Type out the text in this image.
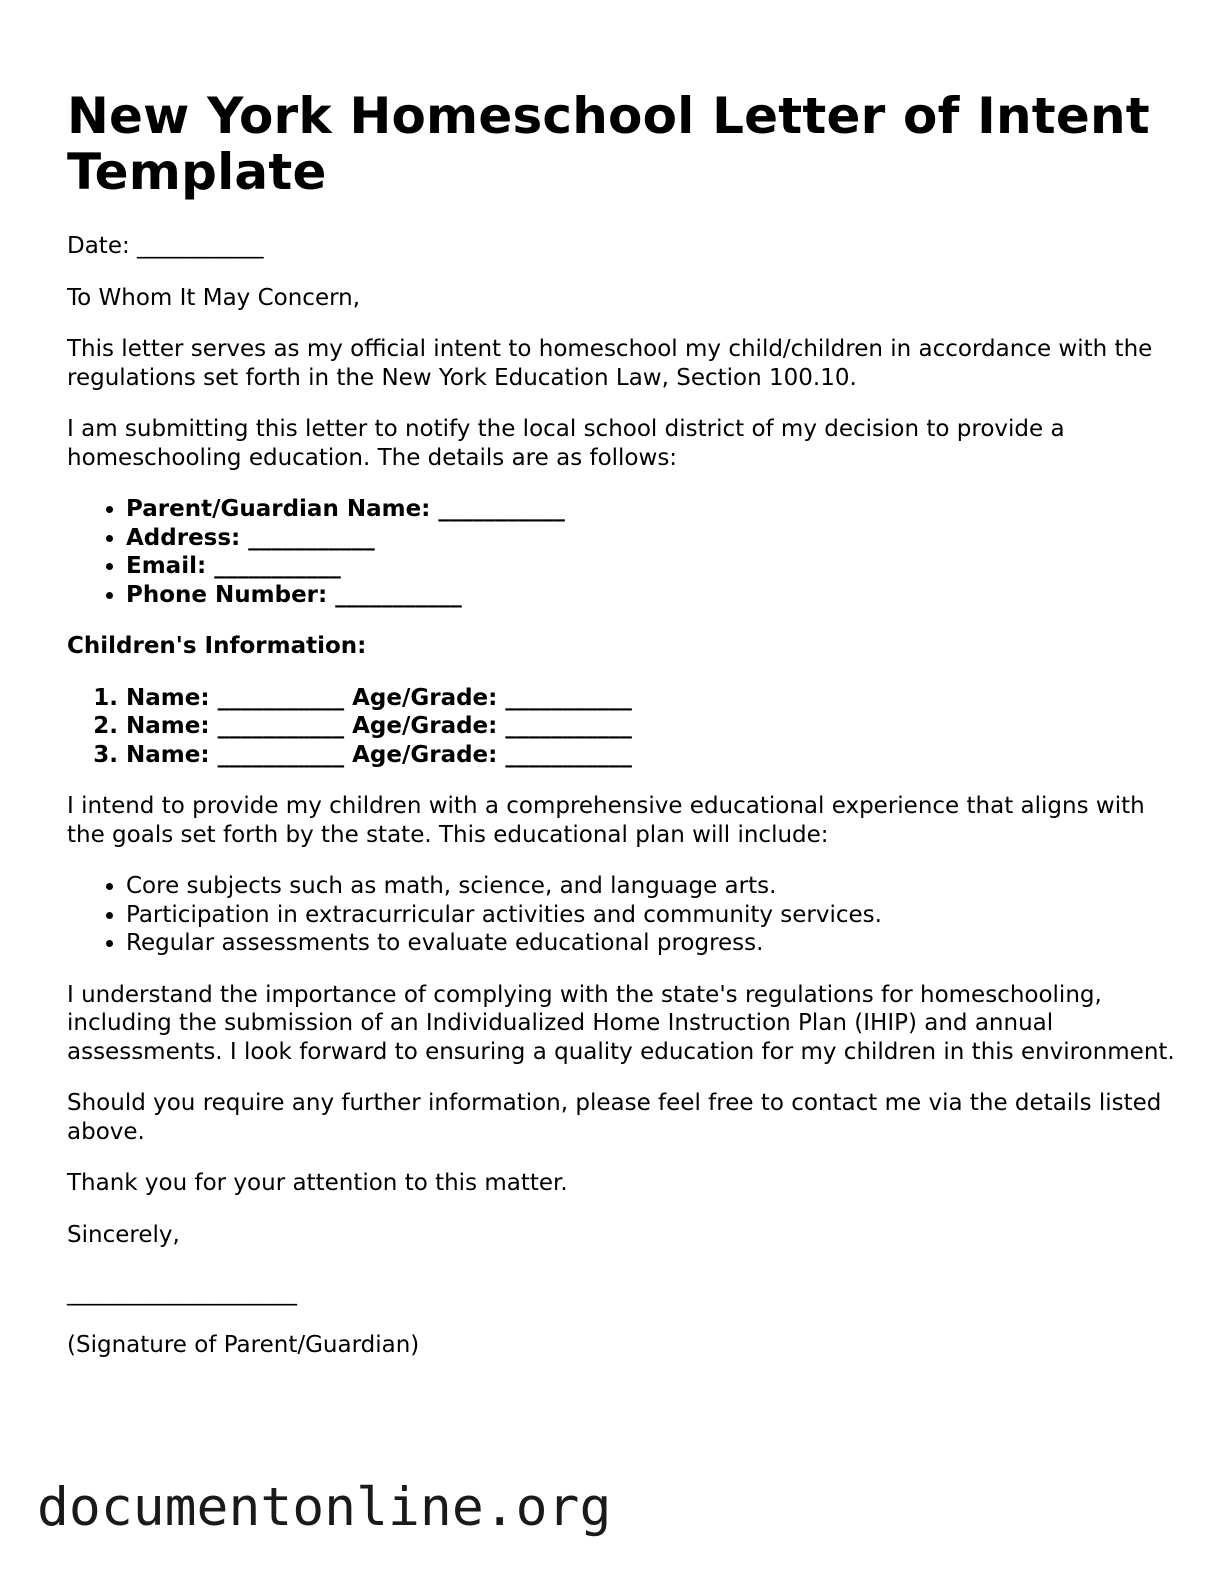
New York Homeschool Letter of Intent Template

Date: ___________

To Whom It May Concern,

This letter serves as my official intent to homeschool my child/children in accordance with the regulations set forth in the New York Education Law, Section 100.10.

I am submitting this letter to notify the local school district of my decision to provide a homeschooling education. The details are as follows:

• Parent/Guardian Name: ___________
• Address: ___________
• Email: ___________
• Phone Number: ___________

Children's Information:

1. Name: ___________ Age/Grade: ___________
2. Name: ___________ Age/Grade: ___________
3. Name: ___________ Age/Grade: ___________

I intend to provide my children with a comprehensive educational experience that aligns with the goals set forth by the state. This educational plan will include:

• Core subjects such as math, science, and language arts.
• Participation in extracurricular activities and community services.
• Regular assessments to evaluate educational progress.

I understand the importance of complying with the state's regulations for homeschooling, including the submission of an Individualized Home Instruction Plan (IHIP) and annual assessments. I look forward to ensuring a quality education for my children in this environment.

Should you require any further information, please feel free to contact me via the details listed above.

Thank you for your attention to this matter.

Sincerely,

____________________

(Signature of Parent/Guardian)

documentonline.org
